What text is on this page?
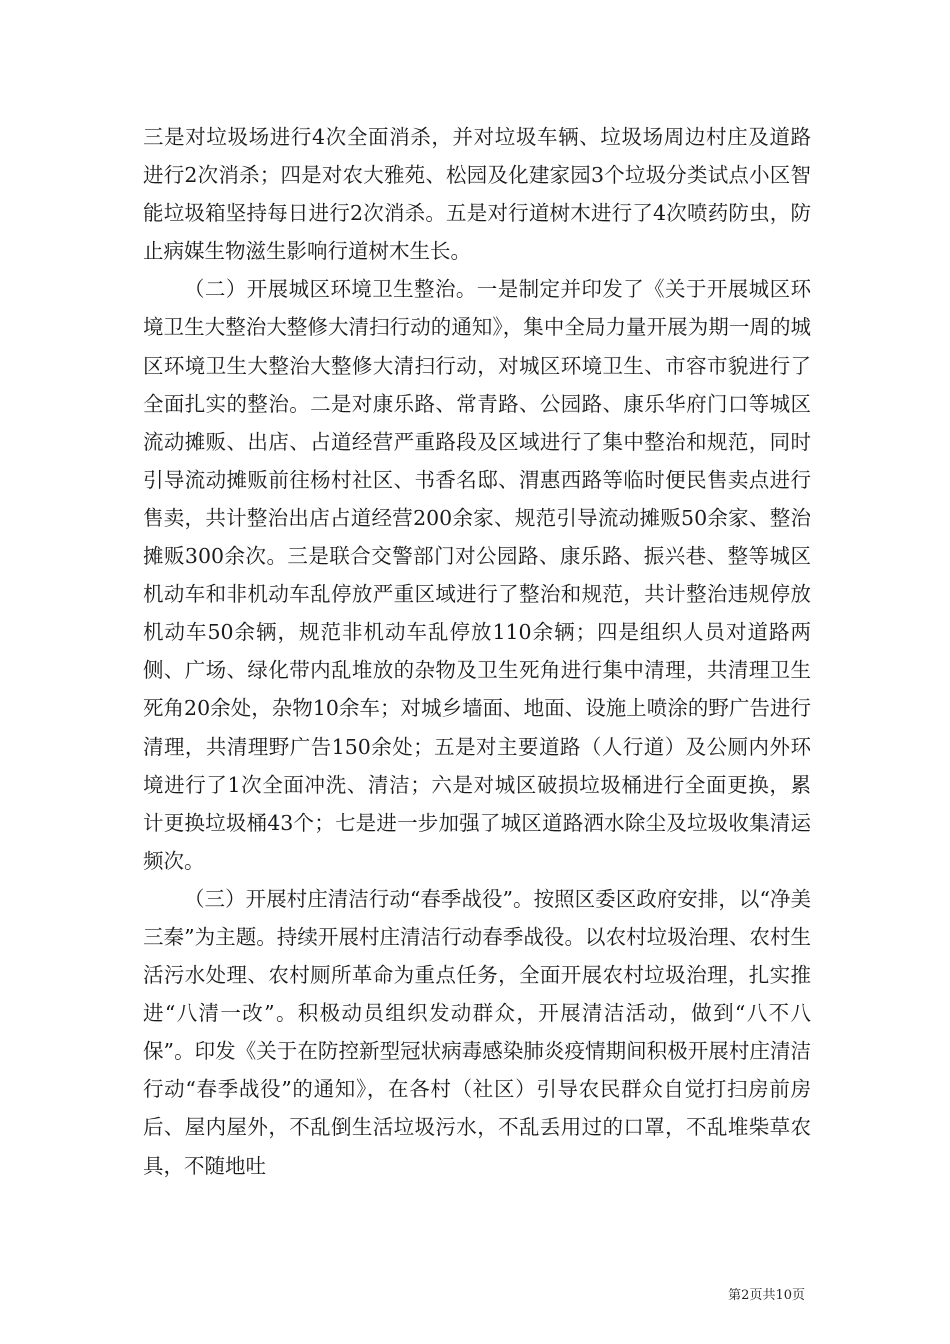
三是对垃圾场进行4次全面消杀，并对垃圾车辆、垃圾场周边村庄及道路进行2次消杀；四是对农大雅苑、松园及化建家园3个垃圾分类试点小区智能垃圾箱坚持每日进行2次消杀。五是对行道树木进行了4次喷药防虫，防止病媒生物滋生影响行道树木生长。

（二）开展城区环境卫生整治。一是制定并印发了《关于开展城区环境卫生大整治大整修大清扫行动的通知》，集中全局力量开展为期一周的城区环境卫生大整治大整修大清扫行动，对城区环境卫生、市容市貌进行了全面扎实的整治。二是对康乐路、常青路、公园路、康乐华府门口等城区流动摊贩、出店、占道经营严重路段及区域进行了集中整治和规范，同时引导流动摊贩前往杨村社区、书香名邸、渭惠西路等临时便民售卖点进行售卖，共计整治出店占道经营200余家、规范引导流动摊贩50余家、整治摊贩300余次。三是联合交警部门对公园路、康乐路、振兴巷、整等城区机动车和非机动车乱停放严重区域进行了整治和规范，共计整治违规停放机动车50余辆，规范非机动车乱停放110余辆；四是组织人员对道路两侧、广场、绿化带内乱堆放的杂物及卫生死角进行集中清理，共清理卫生死角20余处，杂物10余车；对城乡墙面、地面、设施上喷涂的野广告进行清理，共清理野广告150余处；五是对主要道路（人行道）及公厕内外环境进行了1次全面冲洗、清洁；六是对城区破损垃圾桶进行全面更换，累计更换垃圾桶43个；七是进一步加强了城区道路洒水除尘及垃圾收集清运频次。

（三）开展村庄清洁行动“春季战役”。按照区委区政府安排，以“净美三秦”为主题。持续开展村庄清洁行动春季战役。以农村垃圾治理、农村生活污水处理、农村厕所革命为重点任务，全面开展农村垃圾治理，扎实推进“八清一改”。积极动员组织发动群众，开展清洁活动，做到“八不八保”。印发《关于在防控新型冠状病毒感染肺炎疫情期间积极开展村庄清洁行动“春季战役”的通知》，在各村（社区）引导农民群众自觉打扫房前房后、屋内屋外，不乱倒生活垃圾污水，不乱丢用过的口罩，不乱堆柴草农具，不随地吐

第2页共10页
